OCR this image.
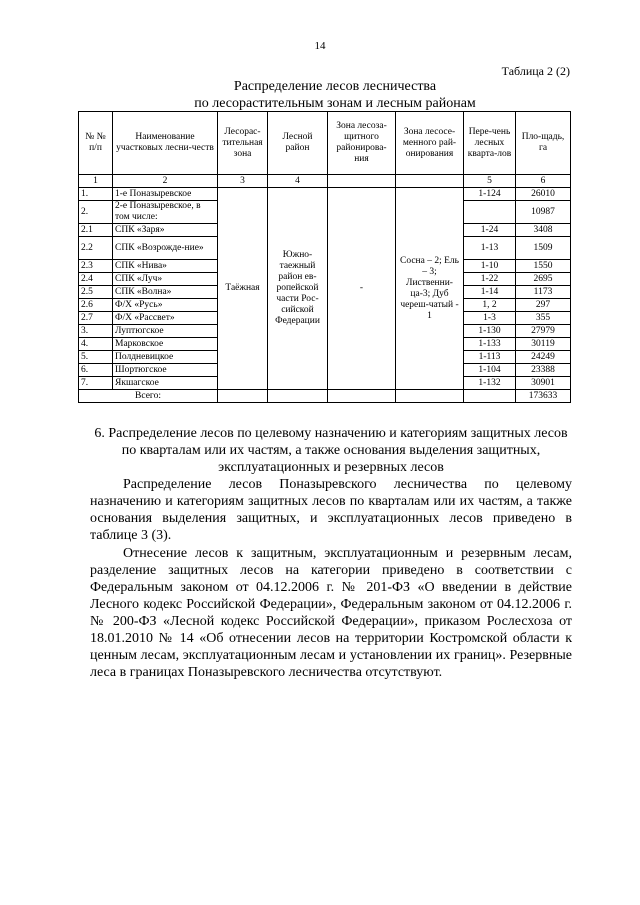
14
Таблица 2 (2)
Распределение лесов лесничества
по лесорастительным зонам и лесным районам
№ № п/п	Наименование участковых лесни-честв	Лесорас-тительная зона	Лесной район	Зона лесоза-щитного районирова-ния	Зона лесосе-менного рай-онирования	Пере-чень лесных кварта-лов	Пло-щадь, га
1	2	3	4			5	6
1.	1-е Поназыревское	Таёжная	Южно-таежный район ев-ропейской части Рос-сийской Федерации	-	Сосна – 2; Ель – 3; Лиственни-ца-3; Дуб череш-чатый - 1	1-124	26010
2.	2-е Поназыревское, в том числе:						10987
2.1	СПК «Заря»					1-24	3408
2.2	СПК «Возрожде-ние»					1-13	1509
2.3	СПК «Нива»					1-10	1550
2.4	СПК «Луч»					1-22	2695
2.5	СПК «Волна»					1-14	1173
2.6	Ф/Х «Русь»					1, 2	297
2.7	Ф/Х «Рассвет»					1-3	355
3.	Луптюгское					1-130	27979
4.	Марковское					1-133	30119
5.	Полдневицкое					1-113	24249
6.	Шортюгское					1-104	23388
7.	Якшагское					1-132	30901
Всего:							173633
6. Распределение лесов по целевому назначению и категориям защитных лесов по кварталам или их частям, а также основания выделения защитных, эксплуатационных и резервных лесов
Распределение лесов Поназыревского лесничества по целевому назначению и категориям защитных лесов по кварталам или их частям, а также основания выделения защитных, и эксплуатационных лесов приведено в таблице 3 (3).
Отнесение лесов к защитным, эксплуатационным и резервным лесам, разделение защитных лесов на категории приведено в соответствии с Федеральным законом от 04.12.2006 г. № 201-ФЗ «О введении в действие Лесного кодекс Российской Федерации», Федеральным законом от 04.12.2006 г. № 200-ФЗ «Лесной кодекс Российской Федерации», приказом Рослесхоза от 18.01.2010 № 14 «Об отнесении лесов на территории Костромской области к ценным лесам, эксплуатационным лесам и установлении их границ». Резервные леса в границах Поназыревского лесничества отсутствуют.
